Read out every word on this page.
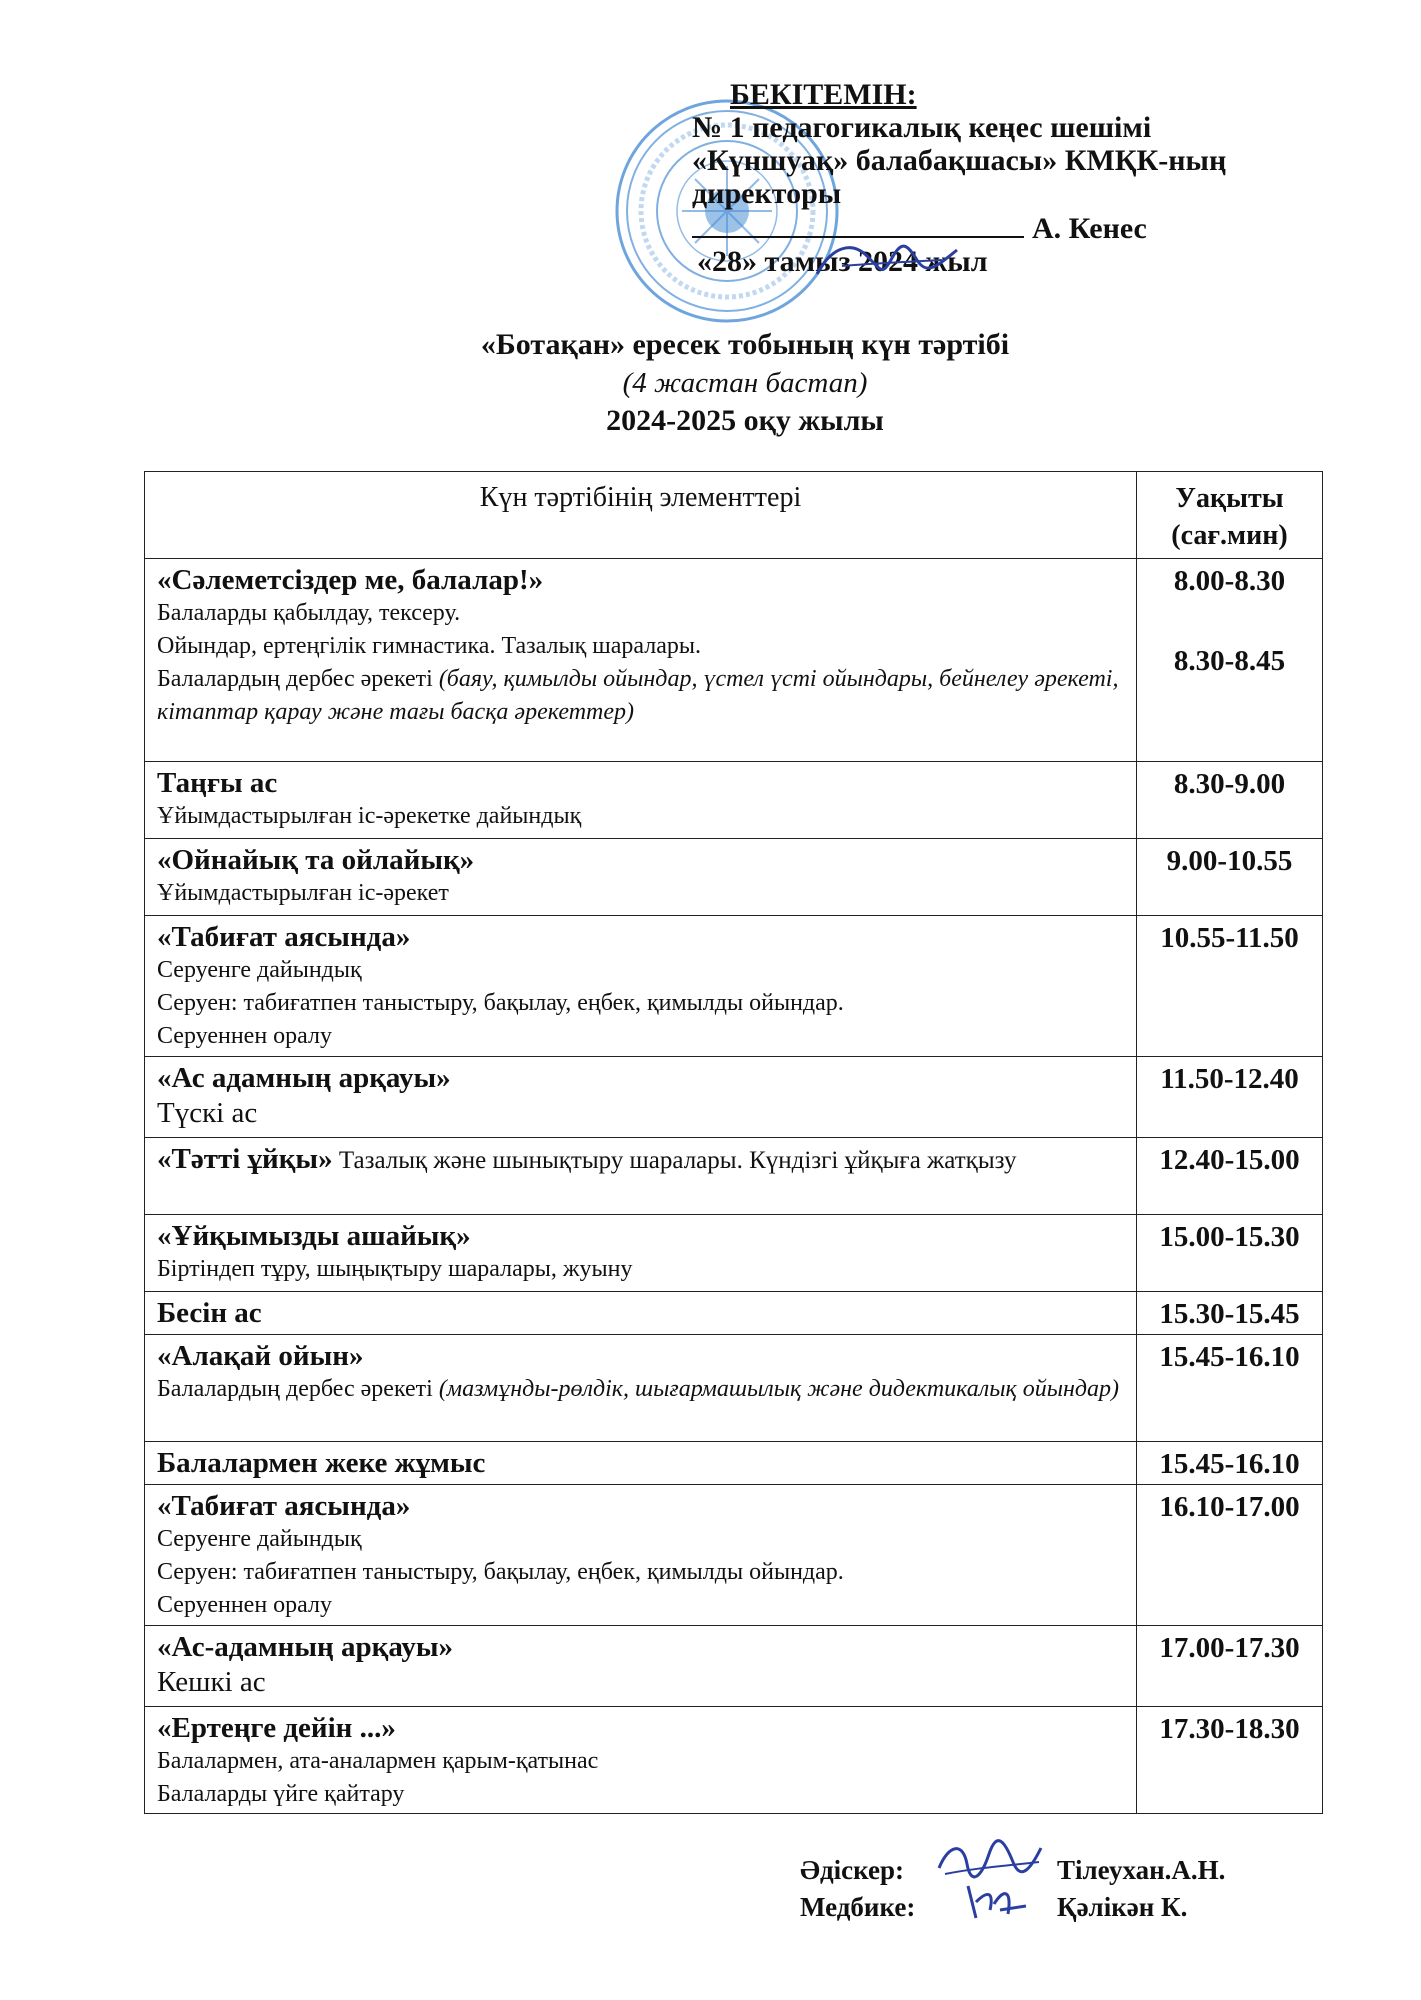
БЕКІТЕМІН:
№ 1 педагогикалық кеңес шешімі
«Күншуақ» балабақшасы» КМҚК-ның
директоры
А. Кенес
«28» тамыз 2024 жыл
«Ботақан» ересек тобының күн тәртібі
(4 жастан бастап)
2024-2025 оқу жылы
Күн тәртібінің элементтері	Уақыты
(сағ.мин)

«Сәлеметсіздер ме, балалар!»
Балаларды қабылдау, тексеру.
Ойындар, ертеңгілік гимнастика. Тазалық шаралары.
Балалардың дербес әрекеті (баяу, қимылды ойындар, үстел үсті ойындары, бейнелеу әрекеті, кітаптар қарау және тағы басқа әрекеттер)	8.00-8.30
8.30-8.45

Таңғы ас
Ұйымдастырылған іс-әрекетке дайындық	8.30-9.00

«Ойнайық та ойлайық»
Ұйымдастырылған іс-әрекет	9.00-10.55

«Табиғат аясында»
Серуенге дайындық
Серуен: табиғатпен таныстыру, бақылау, еңбек, қимылды ойындар.
Серуеннен оралу	10.55-11.50

«Ас адамның арқауы»
Түскі ас	11.50-12.40
«Тәтті ұйқы» Тазалық және шынықтыру шаралары. Күндізгі ұйқыға жатқызу	12.40-15.00

«Ұйқымызды ашайық»
Біртіндеп тұру, шыңықтыру шаралары, жуыну	15.00-15.30

Бесін ас	15.30-15.45

«Алақай ойын»
Балалардың дербес әрекеті (мазмұнды-рөлдік, шығармашылық және дидектикалық ойындар)	15.45-16.10

Балалармен жеке жұмыс	15.45-16.10

«Табиғат аясында»
Серуенге дайындық
Серуен: табиғатпен таныстыру, бақылау, еңбек, қимылды ойындар.
Серуеннен оралу	16.10-17.00

«Ас-адамның арқауы»
Кешкі ас	17.00-17.30

«Ертеңге дейін ...»
Балалармен, ата-аналармен қарым-қатынас
Балаларды үйге қайтару	17.30-18.30
Әдіскер:	Тілеухан.А.Н.
Медбике:	Қәлікән К.
